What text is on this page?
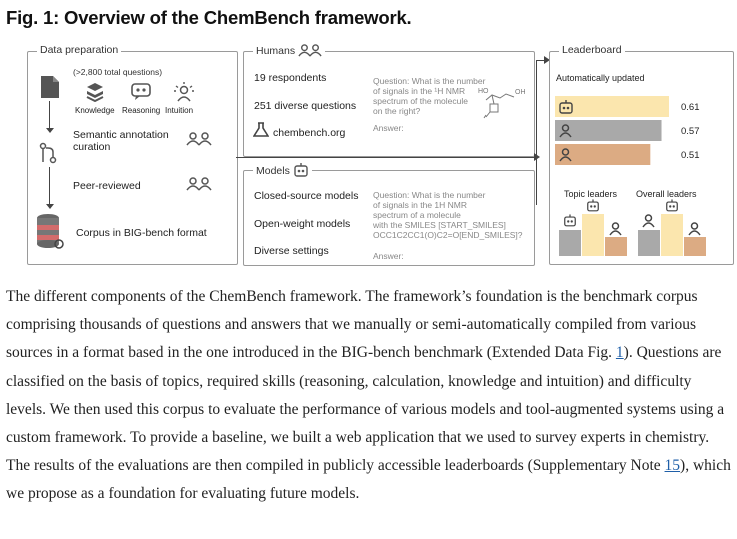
Fig. 1: Overview of the ChemBench framework.
Data preparation
(>2,800 total questions)
Knowledge Reasoning Intuition
Semantic annotation
curation
Peer-reviewed
Corpus in BIG-bench format
Humans
19 respondents
251 diverse questions
chembench.org
Question: What is the number
of signals in the ¹H NMR
spectrum of the molecule
on the right?
HO	OH
Answer:
Models
Closed-source models
Open-weight models
Diverse settings
Question: What is the number
of signals in the 1H NMR
spectrum of a molecule
with the SMILES [START_SMILES]
OCC1C2CC1(O)C2=O[END_SMILES]?
Answer:
Leaderboard
Automatically updated
0.61
0.57
0.51
Topic leaders Overall leaders
The different components of the ChemBench framework. The framework’s foundation is the benchmark corpus comprising thousands of questions and answers that we manually or semi-automatically compiled from various sources in a format based in the one introduced in the BIG-bench benchmark (Extended Data Fig. 1). Questions are classified on the basis of topics, required skills (reasoning, calculation, knowledge and intuition) and difficulty levels. We then used this corpus to evaluate the performance of various models and tool-augmented systems using a custom framework. To provide a baseline, we built a web application that we used to survey experts in chemistry. The results of the evaluations are then compiled in publicly accessible leaderboards (Supplementary Note 15), which we propose as a foundation for evaluating future models.
